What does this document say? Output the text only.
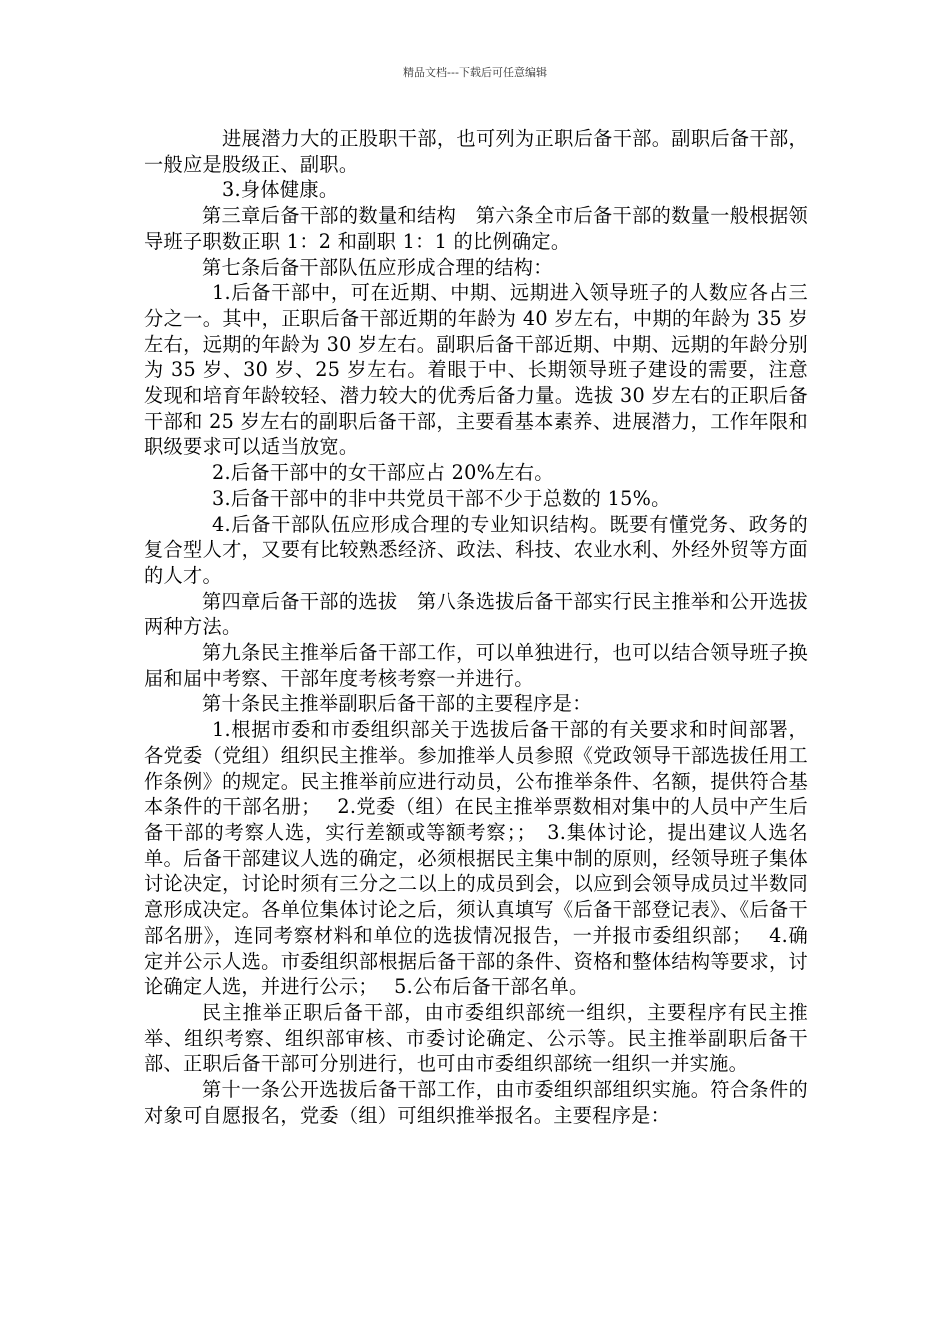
精品文档---下载后可任意编辑

进展潜力大的正股职干部，也可列为正职后备干部。副职后备干部，一般应是股级正、副职。

3.身体健康。

第三章后备干部的数量和结构　第六条全市后备干部的数量一般根据领导班子职数正职 1：2 和副职 1：1 的比例确定。

第七条后备干部队伍应形成合理的结构：

1.后备干部中，可在近期、中期、远期进入领导班子的人数应各占三分之一。其中，正职后备干部近期的年龄为 40 岁左右，中期的年龄为 35 岁左右，远期的年龄为 30 岁左右。副职后备干部近期、中期、远期的年龄分别为 35 岁、30 岁、25 岁左右。着眼于中、长期领导班子建设的需要，注意发现和培育年龄较轻、潜力较大的优秀后备力量。选拔 30 岁左右的正职后备干部和 25 岁左右的副职后备干部，主要看基本素养、进展潜力，工作年限和职级要求可以适当放宽。

2.后备干部中的女干部应占 20%左右。

3.后备干部中的非中共党员干部不少于总数的 15%。

4.后备干部队伍应形成合理的专业知识结构。既要有懂党务、政务的复合型人才，又要有比较熟悉经济、政法、科技、农业水利、外经外贸等方面的人才。

第四章后备干部的选拔　第八条选拔后备干部实行民主推举和公开选拔两种方法。

第九条民主推举后备干部工作，可以单独进行，也可以结合领导班子换届和届中考察、干部年度考核考察一并进行。

第十条民主推举副职后备干部的主要程序是：

1.根据市委和市委组织部关于选拔后备干部的有关要求和时间部署，各党委（党组）组织民主推举。参加推举人员参照《党政领导干部选拔任用工作条例》的规定。民主推举前应进行动员，公布推举条件、名额，提供符合基本条件的干部名册；　 2.党委（组）在民主推举票数相对集中的人员中产生后备干部的考察人选，实行差额或等额考察；；　3.集体讨论，提出建议人选名单。后备干部建议人选的确定，必须根据民主集中制的原则，经领导班子集体讨论决定，讨论时须有三分之二以上的成员到会，以应到会领导成员过半数同意形成决定。各单位集体讨论之后，须认真填写《后备干部登记表》、《后备干部名册》，连同考察材料和单位的选拔情况报告，一并报市委组织部；　 4.确定并公示人选。市委组织部根据后备干部的条件、资格和整体结构等要求，讨论确定人选，并进行公示；　 5.公布后备干部名单。

民主推举正职后备干部，由市委组织部统一组织，主要程序有民主推举、组织考察、组织部审核、市委讨论确定、公示等。民主推举副职后备干部、正职后备干部可分别进行，也可由市委组织部统一组织一并实施。

第十一条公开选拔后备干部工作，由市委组织部组织实施。符合条件的对象可自愿报名，党委（组）可组织推举报名。主要程序是：
